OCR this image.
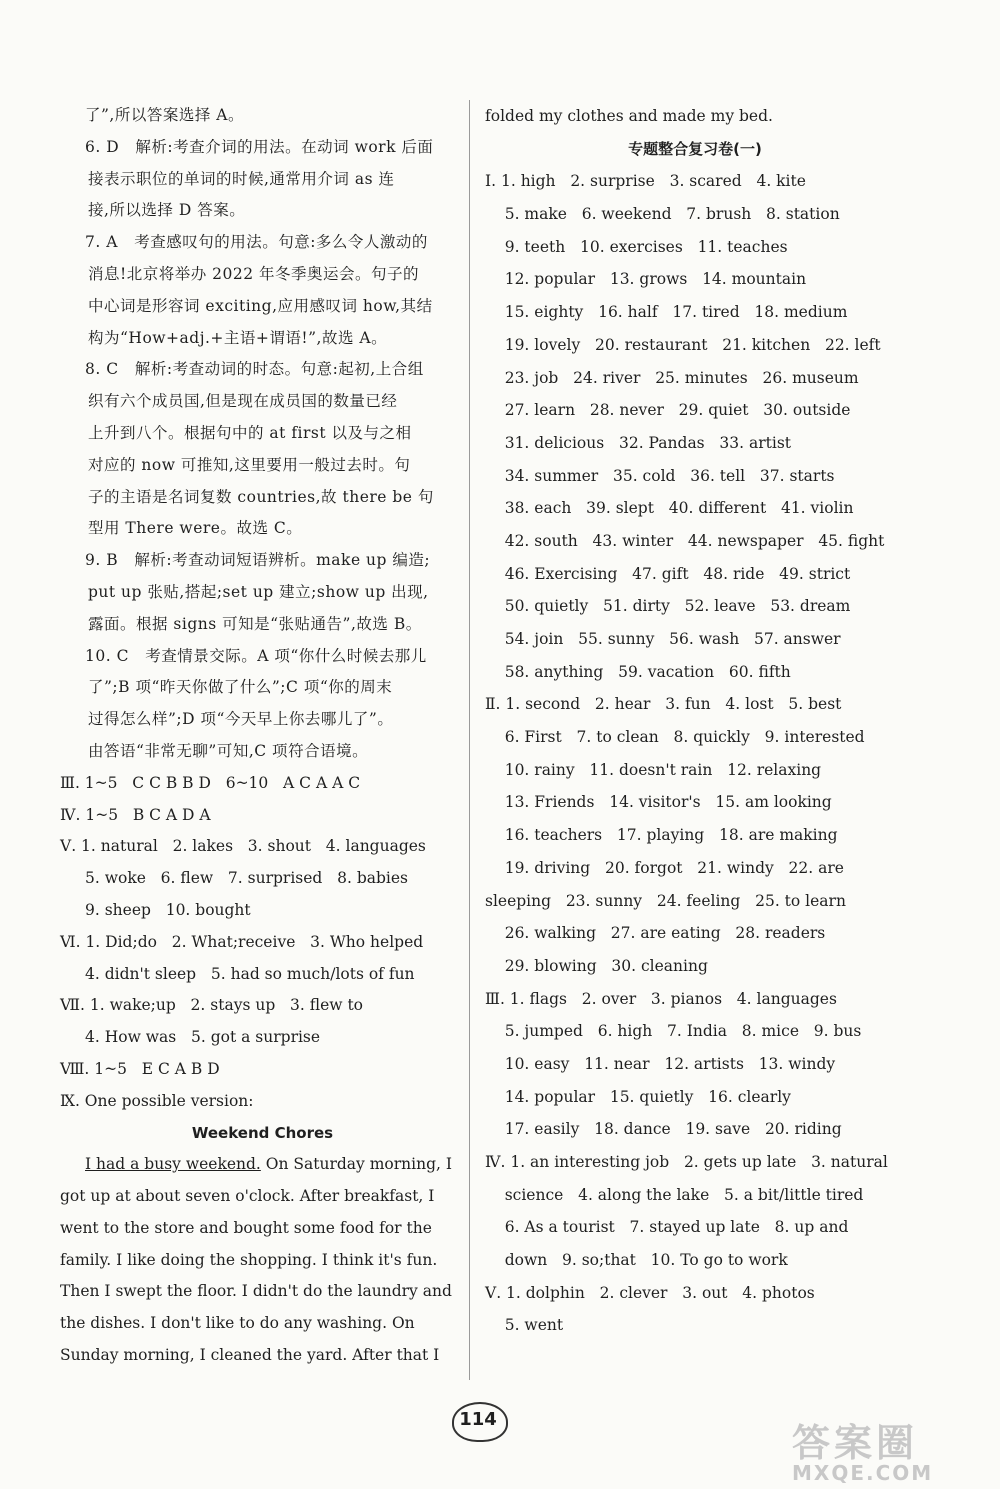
了”,所以答案选择 A。
6. D   解析:考查介词的用法。在动词 work 后面
接表示职位的单词的时候,通常用介词 as 连
接,所以选择 D 答案。
7. A   考查感叹句的用法。句意:多么令人激动的
消息!北京将举办 2022 年冬季奥运会。句子的
中心词是形容词 exciting,应用感叹词 how,其结
构为“How+adj.+主语+谓语!”,故选 A。
8. C   解析:考查动词的时态。句意:起初,上合组
织有六个成员国,但是现在成员国的数量已经
上升到八个。根据句中的 at first 以及与之相
对应的 now 可推知,这里要用一般过去时。句
子的主语是名词复数 countries,故 there be 句
型用 There were。故选 C。
9. B   解析:考查动词短语辨析。make up 编造;
put up 张贴,搭起;set up 建立;show up 出现,
露面。根据 signs 可知是“张贴通告”,故选 B。
10. C   考查情景交际。A 项“你什么时候去那儿
了”;B 项“昨天你做了什么”;C 项“你的周末
过得怎么样”;D 项“今天早上你去哪儿了”。
由答语“非常无聊”可知,C 项符合语境。
Ⅲ. 1~5   C C B B D   6~10   A C A A C
Ⅳ. 1~5   B C A D A
Ⅴ. 1. natural   2. lakes   3. shout   4. languages
5. woke   6. flew   7. surprised   8. babies
9. sheep   10. bought
Ⅵ. 1. Did;do   2. What;receive   3. Who helped
4. didn't sleep   5. had so much/lots of fun
Ⅶ. 1. wake;up   2. stays up   3. flew to
4. How was   5. got a surprise
Ⅷ. 1~5   E C A B D
Ⅸ. One possible version:
Weekend Chores
I had a busy weekend. On Saturday morning, I
got up at about seven o'clock. After breakfast, I
went to the store and bought some food for the
family. I like doing the shopping. I think it's fun.
Then I swept the floor. I didn't do the laundry and
the dishes. I don't like to do any washing. On
Sunday morning, I cleaned the yard. After that I
folded my clothes and made my bed.
专题整合复习卷(一)
Ⅰ. 1. high   2. surprise   3. scared   4. kite
5. make   6. weekend   7. brush   8. station
9. teeth   10. exercises   11. teaches
12. popular   13. grows   14. mountain
15. eighty   16. half   17. tired   18. medium
19. lovely   20. restaurant   21. kitchen   22. left
23. job   24. river   25. minutes   26. museum
27. learn   28. never   29. quiet   30. outside
31. delicious   32. Pandas   33. artist
34. summer   35. cold   36. tell   37. starts
38. each   39. slept   40. different   41. violin
42. south   43. winter   44. newspaper   45. fight
46. Exercising   47. gift   48. ride   49. strict
50. quietly   51. dirty   52. leave   53. dream
54. join   55. sunny   56. wash   57. answer
58. anything   59. vacation   60. fifth
Ⅱ. 1. second   2. hear   3. fun   4. lost   5. best
6. First   7. to clean   8. quickly   9. interested
10. rainy   11. doesn't rain   12. relaxing
13. Friends   14. visitor's   15. am looking
16. teachers   17. playing   18. are making
19. driving   20. forgot   21. windy   22. are
sleeping   23. sunny   24. feeling   25. to learn
26. walking   27. are eating   28. readers
29. blowing   30. cleaning
Ⅲ. 1. flags   2. over   3. pianos   4. languages
5. jumped   6. high   7. India   8. mice   9. bus
10. easy   11. near   12. artists   13. windy
14. popular   15. quietly   16. clearly
17. easily   18. dance   19. save   20. riding
Ⅳ. 1. an interesting job   2. gets up late   3. natural
science   4. along the lake   5. a bit/little tired
6. As a tourist   7. stayed up late   8. up and
down   9. so;that   10. To go to work
Ⅴ. 1. dolphin   2. clever   3. out   4. photos
5. went
114
答案圈
MXQE.COM
